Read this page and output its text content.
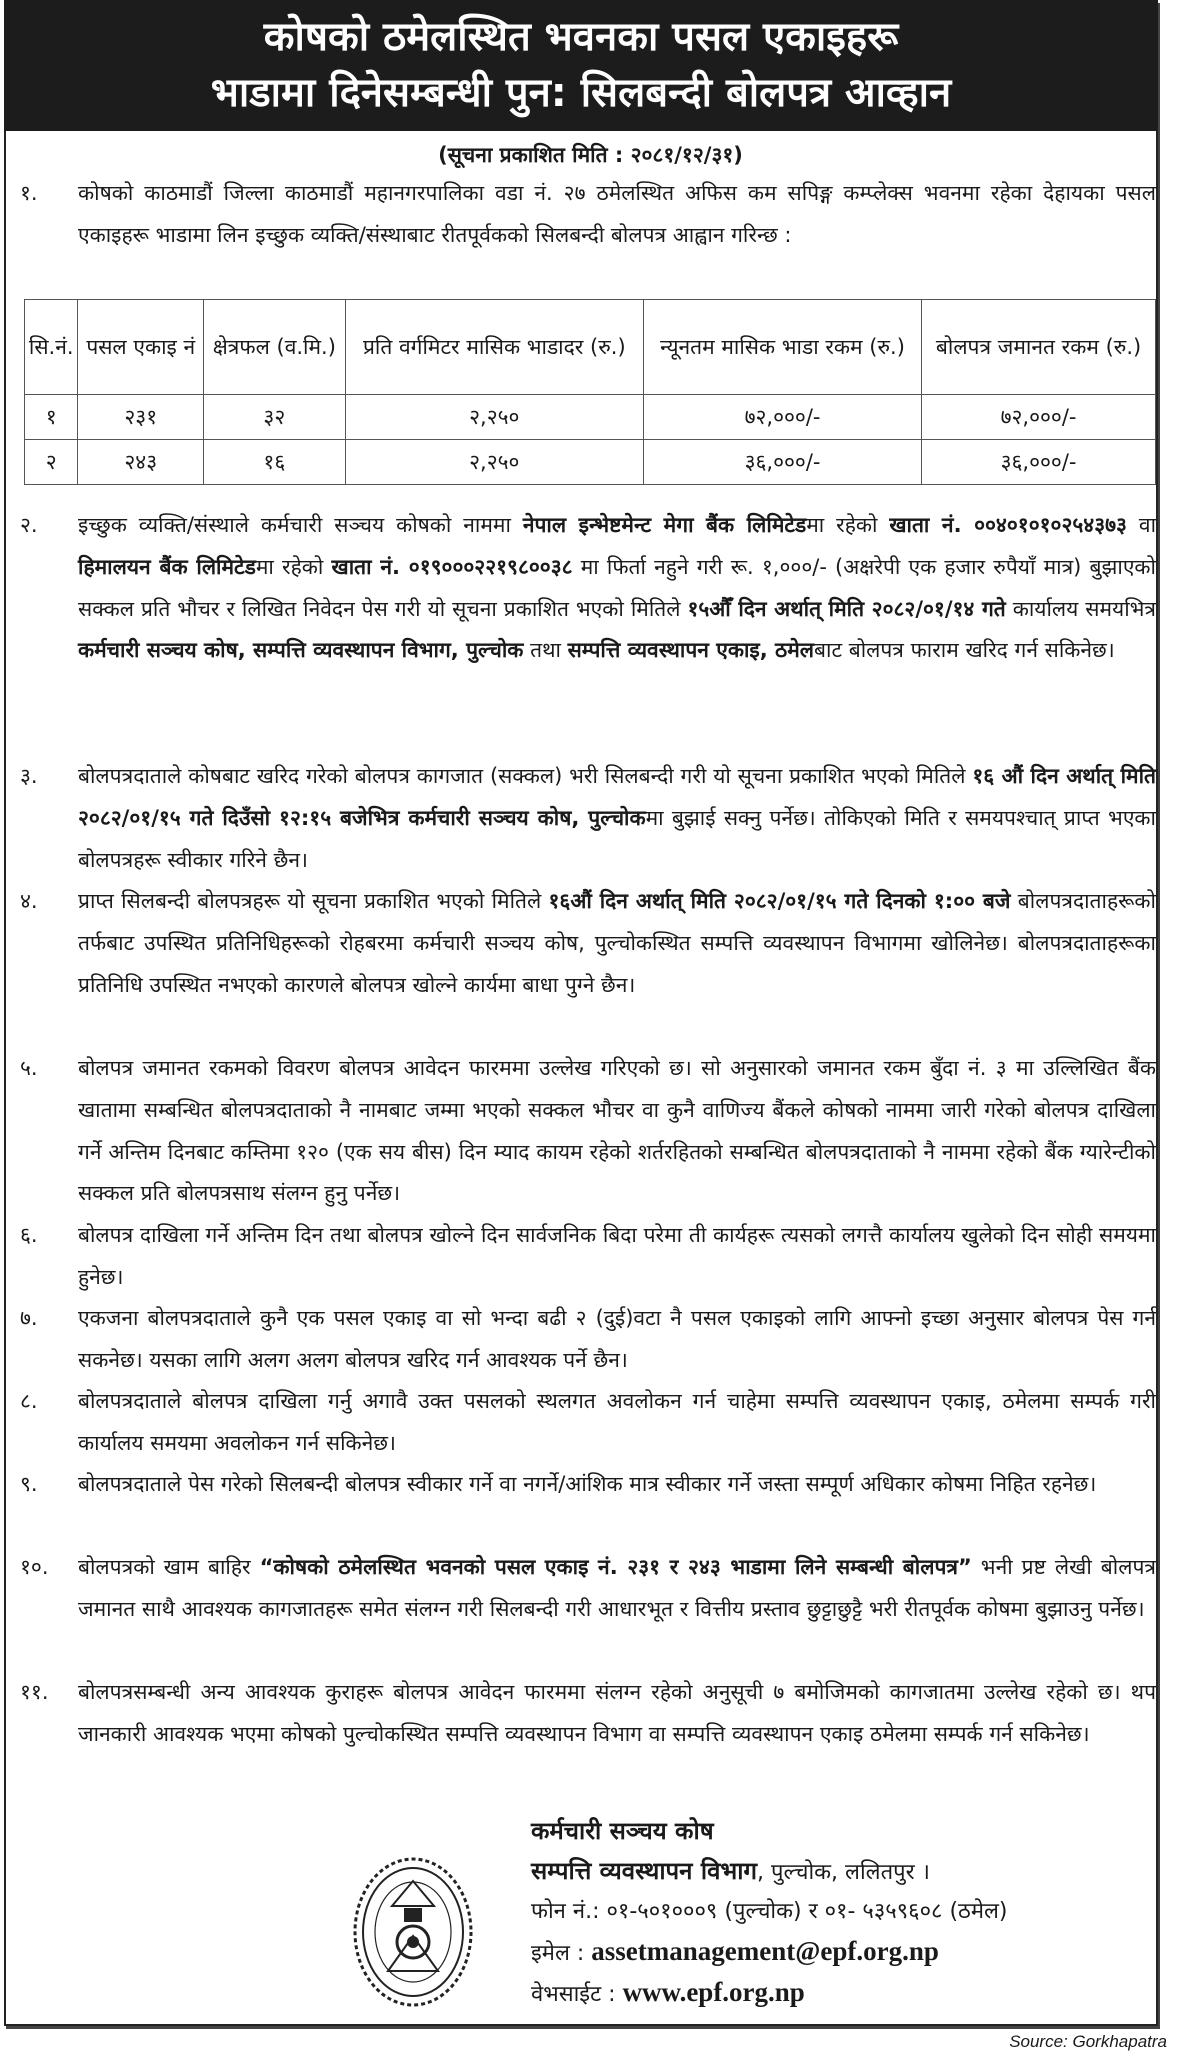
कोषको ठमेलस्थित भवनका पसल एकाइहरू
भाडामा दिनेसम्बन्धी पुन: सिलबन्दी बोलपत्र आव्हान
(सूचना प्रकाशित मिति : २०८१/१२/३१)
१.	कोषको काठमाडौं जिल्ला काठमाडौं महानगरपालिका वडा नं. २७ ठमेलस्थित अफिस कम सपिङ्ग कम्प्लेक्स भवनमा रहेका देहायका पसल एकाइहरू भाडामा लिन इच्छुक व्यक्ति/संस्थाबाट रीतपूर्वकको सिलबन्दी बोलपत्र आह्वान गरिन्छ :
सि.नं.	पसल एकाइ नं	क्षेत्रफल (व.मि.)	प्रति वर्गमिटर मासिक भाडादर (रु.)	न्यूनतम मासिक भाडा रकम (रु.)	बोलपत्र जमानत रकम (रु.)
१	२३१	३२	२,२५०	७२,०००/-	७२,०००/-
२	२४३	१६	२,२५०	३६,०००/-	३६,०००/-
२.	इच्छुक व्यक्ति/संस्थाले कर्मचारी सञ्चय कोषको नाममा नेपाल इन्भेष्टमेन्ट मेगा बैंक लिमिटेडमा रहेको खाता नं. ००४०१०१०२५४३७३ वा हिमालयन बैंक लिमिटेडमा रहेको खाता नं. ०१९०००२२१९८००३८ मा फिर्ता नहुने गरी रू. १,०००/- (अक्षरेपी एक हजार रुपैयाँ मात्र) बुझाएको सक्कल प्रति भौचर र लिखित निवेदन पेस गरी यो सूचना प्रकाशित भएको मितिले १५औँ दिन अर्थात् मिति २०८२/०१/१४ गते कार्यालय समयभित्र कर्मचारी सञ्चय कोष, सम्पत्ति व्यवस्थापन विभाग, पुल्चोक तथा सम्पत्ति व्यवस्थापन एकाइ, ठमेलबाट बोलपत्र फाराम खरिद गर्न सकिनेछ।
३.	बोलपत्रदाताले कोषबाट खरिद गरेको बोलपत्र कागजात (सक्कल) भरी सिलबन्दी गरी यो सूचना प्रकाशित भएको मितिले १६ औं दिन अर्थात् मिति २०८२/०१/१५ गते दिउँसो १२:१५ बजेभित्र कर्मचारी सञ्चय कोष, पुल्चोकमा बुझाई सक्नु पर्नेछ। तोकिएको मिति र समयपश्चात् प्राप्त भएका बोलपत्रहरू स्वीकार गरिने छैन।
४.	प्राप्त सिलबन्दी बोलपत्रहरू यो सूचना प्रकाशित भएको मितिले १६औं दिन अर्थात् मिति २०८२/०१/१५ गते दिनको १:०० बजे बोलपत्रदाताहरूको तर्फबाट उपस्थित प्रतिनिधिहरूको रोहबरमा कर्मचारी सञ्चय कोष, पुल्चोकस्थित सम्पत्ति व्यवस्थापन विभागमा खोलिनेछ। बोलपत्रदाताहरूका प्रतिनिधि उपस्थित नभएको कारणले बोलपत्र खोल्ने कार्यमा बाधा पुग्ने छैन।
५.	बोलपत्र जमानत रकमको विवरण बोलपत्र आवेदन फारममा उल्लेख गरिएको छ। सो अनुसारको जमानत रकम बुँदा नं. ३ मा उल्लिखित बैंक खातामा सम्बन्धित बोलपत्रदाताको नै नामबाट जम्मा भएको सक्कल भौचर वा कुनै वाणिज्य बैंकले कोषको नाममा जारी गरेको बोलपत्र दाखिला गर्ने अन्तिम दिनबाट कम्तिमा १२० (एक सय बीस) दिन म्याद कायम रहेको शर्तरहितको सम्बन्धित बोलपत्रदाताको नै नाममा रहेको बैंक ग्यारेन्टीको सक्कल प्रति बोलपत्रसाथ संलग्न हुनु पर्नेछ।
६.	बोलपत्र दाखिला गर्ने अन्तिम दिन तथा बोलपत्र खोल्ने दिन सार्वजनिक बिदा परेमा ती कार्यहरू त्यसको लगत्तै कार्यालय खुलेको दिन सोही समयमा हुनेछ।
७.	एकजना बोलपत्रदाताले कुनै एक पसल एकाइ वा सो भन्दा बढी २ (दुई)वटा नै पसल एकाइको लागि आफ्नो इच्छा अनुसार बोलपत्र पेस गर्न सकनेछ। यसका लागि अलग अलग बोलपत्र खरिद गर्न आवश्यक पर्ने छैन।
८.	बोलपत्रदाताले बोलपत्र दाखिला गर्नु अगावै उक्त पसलको स्थलगत अवलोकन गर्न चाहेमा सम्पत्ति व्यवस्थापन एकाइ, ठमेलमा सम्पर्क गरी कार्यालय समयमा अवलोकन गर्न सकिनेछ।
९.	बोलपत्रदाताले पेस गरेको सिलबन्दी बोलपत्र स्वीकार गर्ने वा नगर्ने/आंशिक मात्र स्वीकार गर्ने जस्ता सम्पूर्ण अधिकार कोषमा निहित रहनेछ।
१०.	बोलपत्रको खाम बाहिर “कोषको ठमेलस्थित भवनको पसल एकाइ नं. २३१ र २४३ भाडामा लिने सम्बन्धी बोलपत्र” भनी प्रष्ट लेखी बोलपत्र जमानत साथै आवश्यक कागजातहरू समेत संलग्न गरी सिलबन्दी गरी आधारभूत र वित्तीय प्रस्ताव छुट्टाछुट्टै भरी रीतपूर्वक कोषमा बुझाउनु पर्नेछ।
११.	बोलपत्रसम्बन्धी अन्य आवश्यक कुराहरू बोलपत्र आवेदन फारममा संलग्न रहेको अनुसूची ७ बमोजिमको कागजातमा उल्लेख रहेको छ। थप जानकारी आवश्यक भएमा कोषको पुल्चोकस्थित सम्पत्ति व्यवस्थापन विभाग वा सम्पत्ति व्यवस्थापन एकाइ ठमेलमा सम्पर्क गर्न सकिनेछ।
कर्मचारी सञ्चय कोष
सम्पत्ति व्यवस्थापन विभाग, पुल्चोक, ललितपुर ।
फोन नं.: ०१-५०१०००९ (पुल्चोक) र ०१- ५३५९६०८ (ठमेल)
इमेल : assetmanagement@epf.org.np
वेभसाईट : www.epf.org.np
Source: Gorkhapatra
